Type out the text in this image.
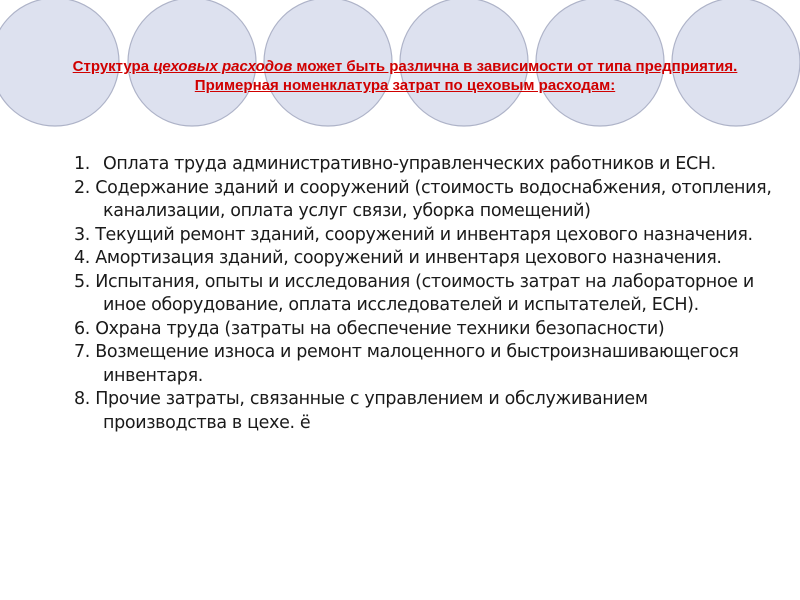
Структура цеховых расходов может быть различна в зависимости от типа предприятия. Примерная номенклатура затрат по цеховым расходам:

1. Оплата труда административно-управленческих работников и ЕСН.

2. Содержание зданий и сооружений (стоимость водоснабжения, отопления, канализации, оплата услуг связи, уборка помещений)

3. Текущий ремонт зданий, сооружений и инвентаря цехового назначения.

4. Амортизация зданий, сооружений и инвентаря цехового назначения.

5. Испытания, опыты и исследования (стоимость затрат на лабораторное и иное оборудование, оплата исследователей и испытателей, ЕСН).

6. Охрана труда (затраты на обеспечение техники безопасности)

7. Возмещение износа и ремонт малоценного и быстроизнашивающегося инвентаря.

8. Прочие затраты, связанные с управлением и обслуживанием производства в цехе. ё
